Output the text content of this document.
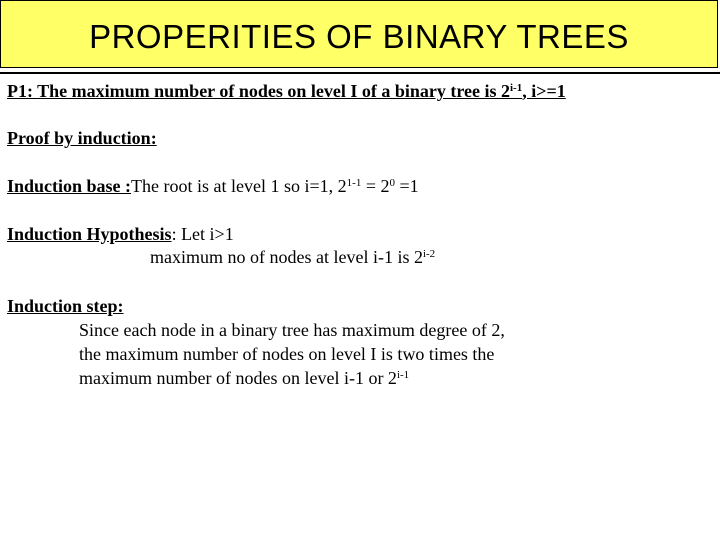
PROPERITIES OF BINARY TREES
P1: The maximum number of nodes on level I of a binary tree is 2$^{i-1}$, i>=1
Proof by induction:
Induction base :The root is at level 1 so i=1, $2^{1-1} = 2^0 =1$
Induction Hypothesis: Let i>1
maximum no of nodes at level i-1 is 2$^{i-2}$
Induction step:
Since each node in a binary tree has maximum degree of 2,
the maximum number of nodes on level I is two times the
maximum number of nodes on level i-1 or 2$^{i-1}$
